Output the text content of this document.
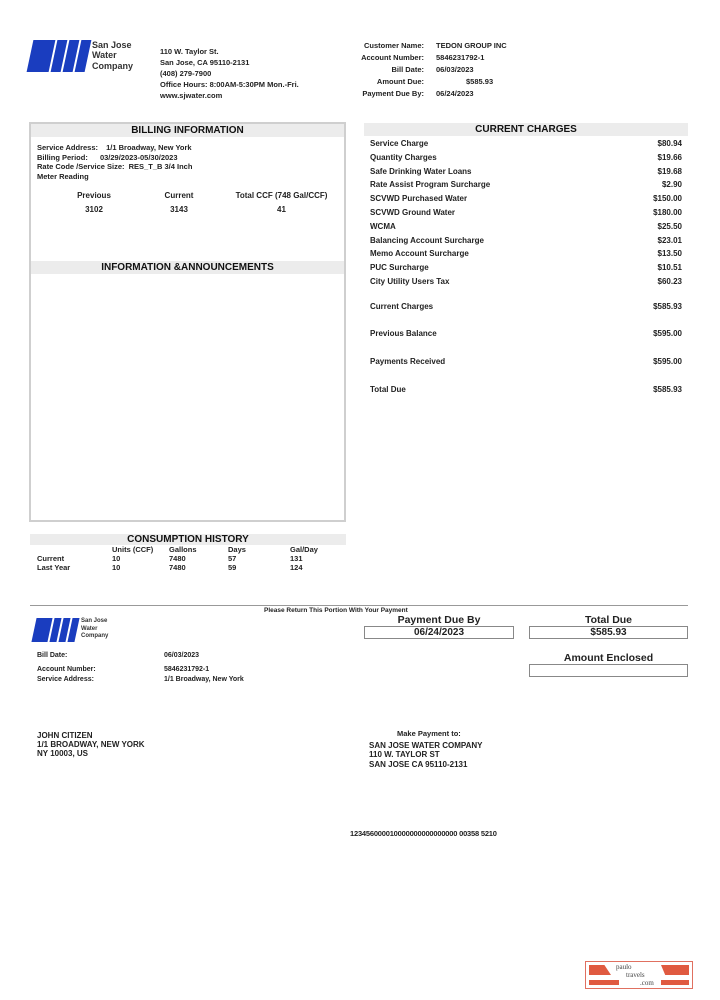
San Jose
Water
Company
110 W. Taylor St.
San Jose, CA 95110-2131
(408) 279-7900
Office Hours: 8:00AM-5:30PM Mon.-Fri.
www.sjwater.com
Customer Name:	TEDON GROUP INC
Account Number:	5846231792-1
Bill Date:	06/03/2023
Amount Due:	$585.93
Payment Due By:	06/24/2023
BILLING INFORMATION
Service Address: 1/1 Broadway, New York
Billing Period: 03/29/2023-05/30/2023
Rate Code /Service Size: RES_T_B 3/4 Inch
Meter Reading
Previous	Current	Total CCF (748 Gal/CCF)
3102	3143	41
INFORMATION &ANNOUNCEMENTS
CURRENT CHARGES
Service Charge	$80.94
Quantity Charges	$19.66
Safe Drinking Water Loans	$19.68
Rate Assist Program Surcharge	$2.90
SCVWD Purchased Water	$150.00
SCVWD Ground Water	$180.00
WCMA	$25.50
Balancing Account Surcharge	$23.01
Memo Account Surcharge	$13.50
PUC Surcharge	$10.51
City Utility Users Tax	$60.23
Current Charges	$585.93
Previous Balance	$595.00
Payments Received	$595.00
Total Due	$585.93
CONSUMPTION HISTORY
	Units (CCF)	Gallons	Days	Gal/Day
Current	10	7480	57	131
Last Year	10	7480	59	124
Please Return This Portion With Your Payment
San Jose
Water
Company
Payment Due By
06/24/2023
Total Due
$585.93
Amount Enclosed
Bill Date:	06/03/2023
Account Number:	5846231792-1
Service Address:	1/1 Broadway, New York
JOHN CITIZEN
1/1 BROADWAY, NEW YORK
NY 10003, US
Make Payment to:
SAN JOSE WATER COMPANY
110 W. TAYLOR ST
SAN JOSE CA 95110-2131
123456000010000000000000000 00358 5210
paulo
travels
.com
